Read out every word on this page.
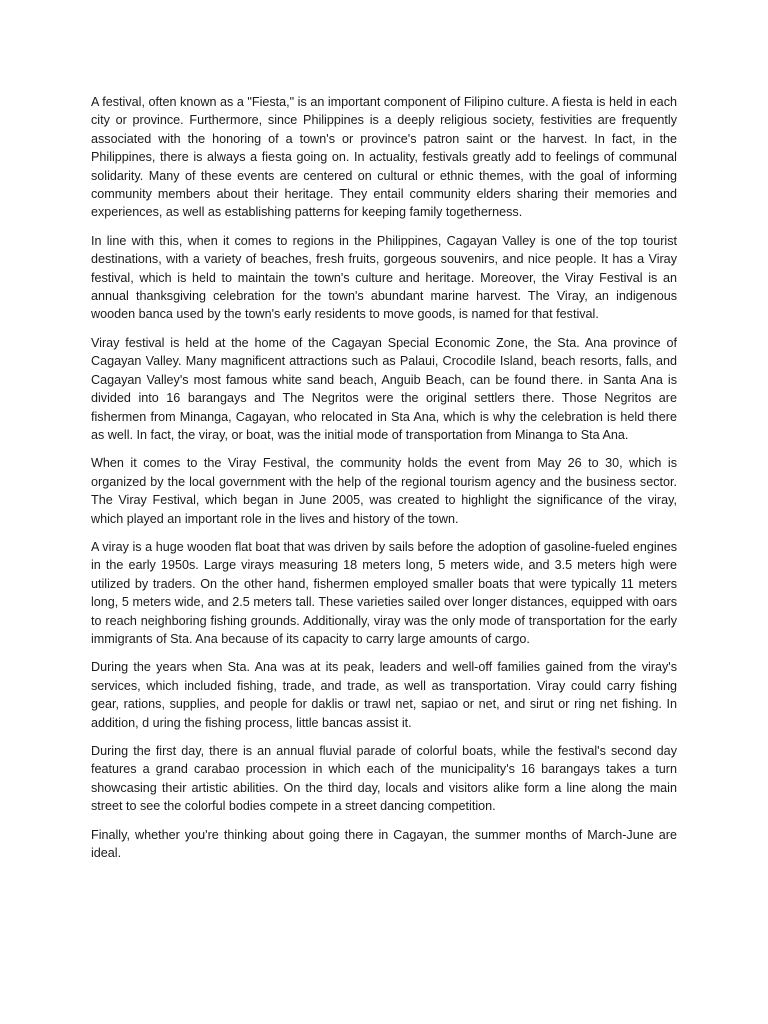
A festival, often known as a "Fiesta," is an important component of Filipino culture. A fiesta is held in each city or province. Furthermore, since Philippines is a deeply religious society, festivities are frequently associated with the honoring of a town's or province's patron saint or the harvest. In fact, in the Philippines, there is always a fiesta going on. In actuality, festivals greatly add to feelings of communal solidarity. Many of these events are centered on cultural or ethnic themes, with the goal of informing community members about their heritage. They entail community elders sharing their memories and experiences, as well as establishing patterns for keeping family togetherness.

In line with this, when it comes to regions in the Philippines, Cagayan Valley is one of the top tourist destinations, with a variety of beaches, fresh fruits, gorgeous souvenirs, and nice people. It has a Viray festival, which is held to maintain the town's culture and heritage. Moreover, the Viray Festival is an annual thanksgiving celebration for the town's abundant marine harvest. The Viray, an indigenous wooden banca used by the town's early residents to move goods, is named for that festival.

Viray festival is held at the home of the Cagayan Special Economic Zone, the Sta. Ana province of Cagayan Valley. Many magnificent attractions such as Palaui, Crocodile Island, beach resorts, falls, and Cagayan Valley's most famous white sand beach, Anguib Beach, can be found there. in Santa Ana is divided into 16 barangays and The Negritos were the original settlers there. Those Negritos are fishermen from Minanga, Cagayan, who relocated in Sta Ana, which is why the celebration is held there as well. In fact, the viray, or boat, was the initial mode of transportation from Minanga to Sta Ana.

When it comes to the Viray Festival, the community holds the event from May 26 to 30, which is organized by the local government with the help of the regional tourism agency and the business sector. The Viray Festival, which began in June 2005, was created to highlight the significance of the viray, which played an important role in the lives and history of the town.

A viray is a huge wooden flat boat that was driven by sails before the adoption of gasoline-fueled engines in the early 1950s. Large virays measuring 18 meters long, 5 meters wide, and 3.5 meters high were utilized by traders. On the other hand, fishermen employed smaller boats that were typically 11 meters long, 5 meters wide, and 2.5 meters tall. These varieties sailed over longer distances, equipped with oars to reach neighboring fishing grounds. Additionally, viray was the only mode of transportation for the early immigrants of Sta. Ana because of its capacity to carry large amounts of cargo.

During the years when Sta. Ana was at its peak, leaders and well-off families gained from the viray's services, which included fishing, trade, and trade, as well as transportation. Viray could carry fishing gear, rations, supplies, and people for daklis or trawl net, sapiao or net, and sirut or ring net fishing. In addition, d uring the fishing process, little bancas assist it.

During the first day, there is an annual fluvial parade of colorful boats, while the festival's second day features a grand carabao procession in which each of the municipality's 16 barangays takes a turn showcasing their artistic abilities. On the third day, locals and visitors alike form a line along the main street to see the colorful bodies compete in a street dancing competition.

Finally, whether you're thinking about going there in Cagayan, the summer months of March-June are ideal.
